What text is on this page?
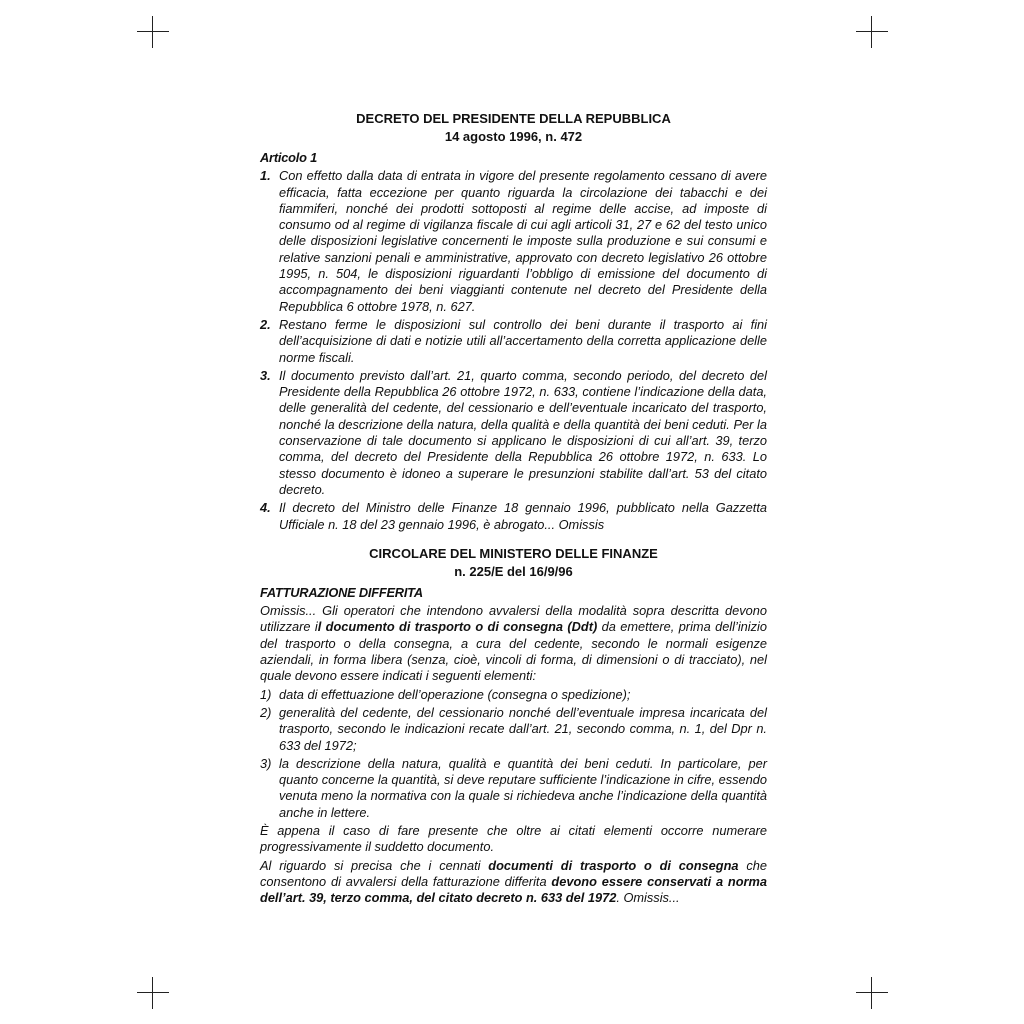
DECRETO DEL PRESIDENTE DELLA REPUBBLICA
14 agosto 1996, n. 472
Articolo 1
1. Con effetto dalla data di entrata in vigore del presente regolamento cessano di avere efficacia, fatta eccezione per quanto riguarda la circolazione dei tabacchi e dei fiammiferi, nonché dei prodotti sottoposti al regime delle accise, ad imposte di consumo od al regime di vigilanza fiscale di cui agli articoli 31, 27 e 62 del testo unico delle disposizioni legislative concernenti le imposte sulla produzione e sui consumi e relative sanzioni penali e amministrative, approvato con decreto legislativo 26 ottobre 1995, n. 504, le disposizioni riguardanti l’obbligo di emissione del documento di accompagnamento dei beni viaggianti contenute nel decreto del Presidente della Repubblica 6 ottobre 1978, n. 627.
2. Restano ferme le disposizioni sul controllo dei beni durante il trasporto ai fini dell’acquisizione di dati e notizie utili all’accertamento della corretta applicazione delle norme fiscali.
3. Il documento previsto dall’art. 21, quarto comma, secondo periodo, del decreto del Presidente della Repubblica 26 ottobre 1972, n. 633, contiene l’indicazione della data, delle generalità del cedente, del cessionario e dell’eventuale incaricato del trasporto, nonché la descrizione della natura, della qualità e della quantità dei beni ceduti. Per la conservazione di tale documento si applicano le disposizioni di cui all’art. 39, terzo comma, del decreto del Presidente della Repubblica 26 ottobre 1972, n. 633. Lo stesso documento è idoneo a superare le presunzioni stabilite dall’art. 53 del citato decreto.
4. Il decreto del Ministro delle Finanze 18 gennaio 1996, pubblicato nella Gazzetta Ufficiale n. 18 del 23 gennaio 1996, è abrogato... Omissis
CIRCOLARE DEL MINISTERO DELLE FINANZE
n. 225/E del 16/9/96
FATTURAZIONE DIFFERITA
Omissis... Gli operatori che intendono avvalersi della modalità sopra descritta devono utilizzare il documento di trasporto o di consegna (Ddt) da emettere, prima dell’inizio del trasporto o della consegna, a cura del cedente, secondo le normali esigenze aziendali, in forma libera (senza, cioè, vincoli di forma, di dimensioni o di tracciato), nel quale devono essere indicati i seguenti elementi:
1) data di effettuazione dell’operazione (consegna o spedizione);
2) generalità del cedente, del cessionario nonché dell’eventuale impresa incaricata del trasporto, secondo le indicazioni recate dall’art. 21, secondo comma, n. 1, del Dpr n. 633 del 1972;
3) la descrizione della natura, qualità e quantità dei beni ceduti. In particolare, per quanto concerne la quantità, si deve reputare sufficiente l’indicazione in cifre, essendo venuta meno la normativa con la quale si richiedeva anche l’indicazione della quantità anche in lettere.
È appena il caso di fare presente che oltre ai citati elementi occorre numerare progressivamente il suddetto documento.
Al riguardo si precisa che i cennati documenti di trasporto o di consegna che consentono di avvalersi della fatturazione differita devono essere conservati a norma dell’art. 39, terzo comma, del citato decreto n. 633 del 1972. Omissis...
